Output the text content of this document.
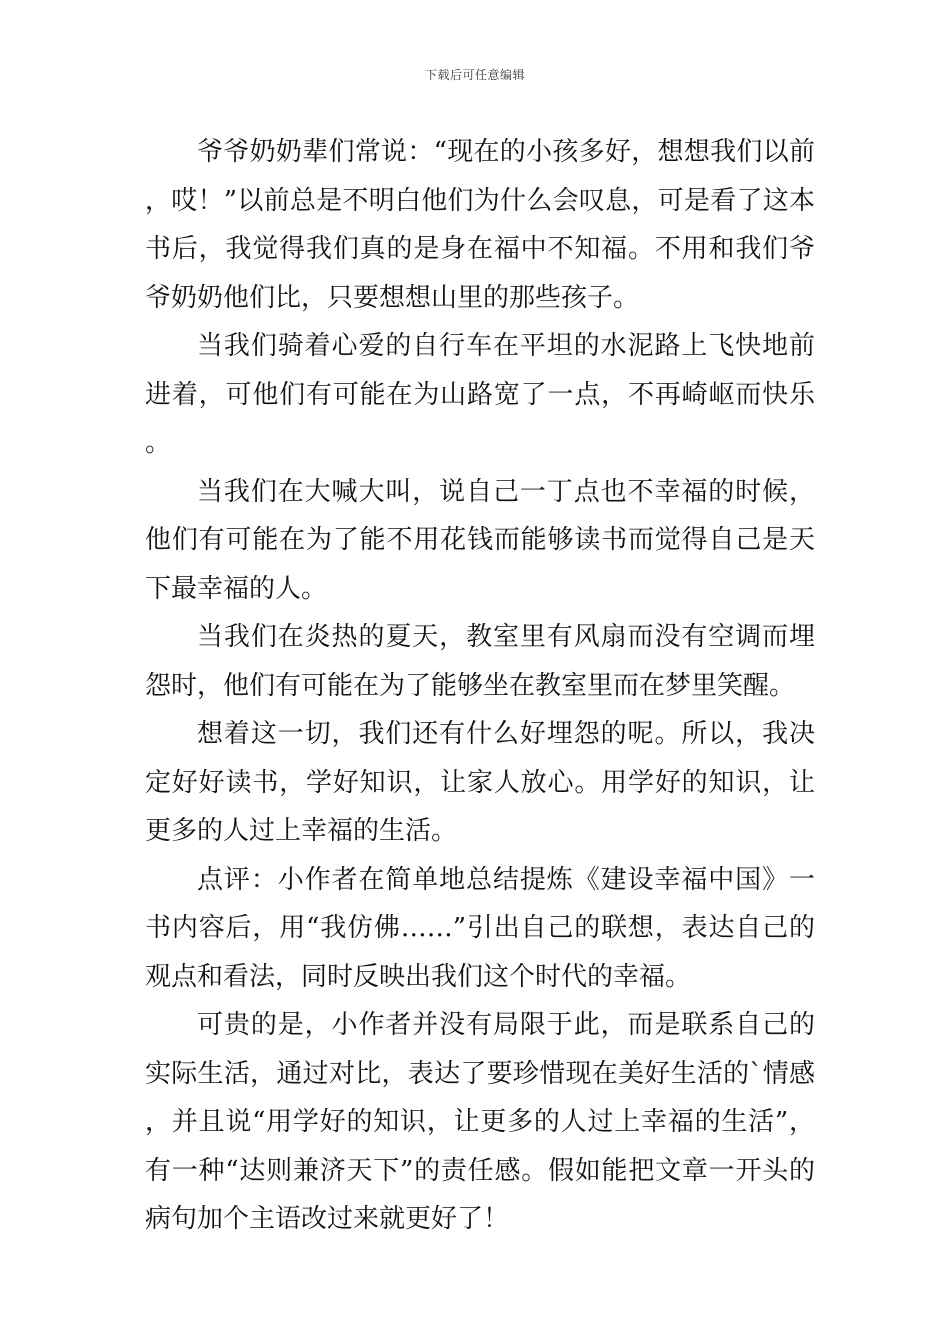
下载后可任意编辑

爷爷奶奶辈们常说：“现在的小孩多好，想想我们以前，哎！”以前总是不明白他们为什么会叹息，可是看了这本书后，我觉得我们真的是身在福中不知福。不用和我们爷爷奶奶他们比，只要想想山里的那些孩子。

当我们骑着心爱的自行车在平坦的水泥路上飞快地前进着，可他们有可能在为山路宽了一点，不再崎岖而快乐。

当我们在大喊大叫，说自己一丁点也不幸福的时候，他们有可能在为了能不用花钱而能够读书而觉得自己是天下最幸福的人。

当我们在炎热的夏天，教室里有风扇而没有空调而埋怨时，他们有可能在为了能够坐在教室里而在梦里笑醒。

想着这一切，我们还有什么好埋怨的呢。所以，我决定好好读书，学好知识，让家人放心。用学好的知识，让更多的人过上幸福的生活。

点评：小作者在简单地总结提炼《建设幸福中国》一书内容后，用“我仿佛……”引出自己的联想，表达自己的观点和看法，同时反映出我们这个时代的幸福。

可贵的是，小作者并没有局限于此，而是联系自己的实际生活，通过对比，表达了要珍惜现在美好生活的`情感，并且说“用学好的知识，让更多的人过上幸福的生活”，有一种“达则兼济天下”的责任感。假如能把文章一开头的病句加个主语改过来就更好了！
